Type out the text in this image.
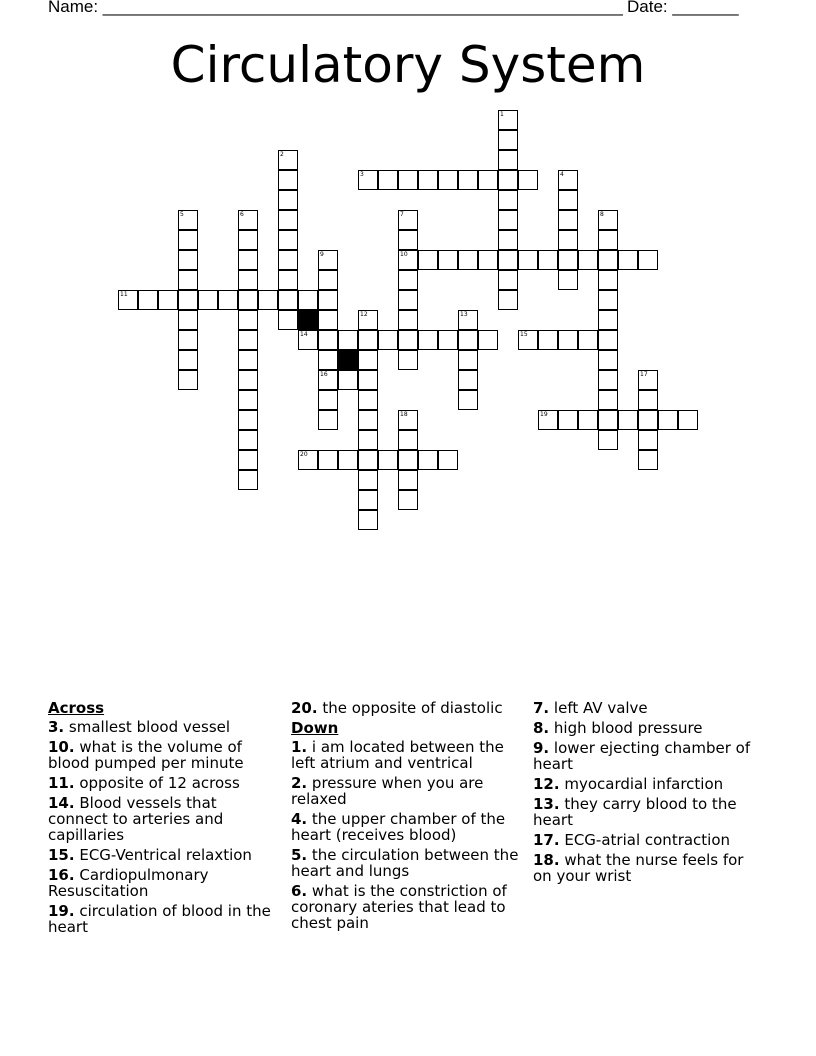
Name: _______________________________________________________ Date: _______
Circulatory System
1
2
3	4
5	6	7	8
9	10
11
12	13
14	15
16	17
18	19
20
Across
3. smallest blood vessel
10. what is the volume of blood pumped per minute
11. opposite of 12 across
14. Blood vessels that connect to arteries and capillaries
15. ECG-Ventrical relaxtion
16. Cardiopulmonary Resuscitation
19. circulation of blood in the heart
20. the opposite of diastolic
Down
1. i am located between the left atrium and ventrical
2. pressure when you are relaxed
4. the upper chamber of the heart (receives blood)
5. the circulation between the heart and lungs
6. what is the constriction of coronary ateries that lead to chest pain
7. left AV valve
8. high blood pressure
9. lower ejecting chamber of heart
12. myocardial infarction
13. they carry blood to the heart
17. ECG-atrial contraction
18. what the nurse feels for on your wrist
